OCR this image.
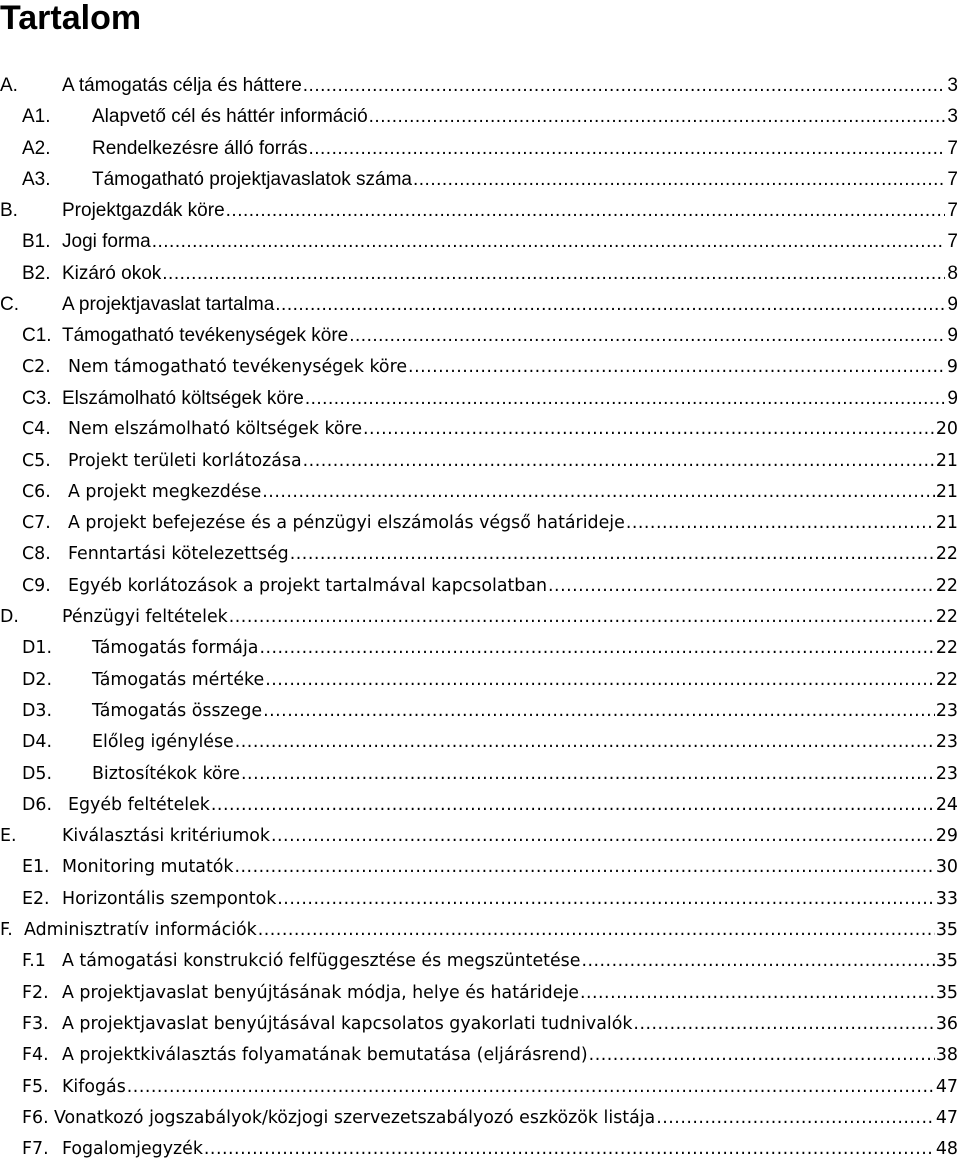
Tartalom
A.	A támogatás célja és háttere .....	3
A1.	Alapvető cél és háttér információ .....	3
A2.	Rendelkezésre álló forrás .....	7
A3.	Támogatható projektjavaslatok száma .....	7
B.	Projektgazdák köre .....	7
B1. Jogi forma .....	7
B2. Kizáró okok .....	8
C.	A projektjavaslat tartalma .....	9
C1. Támogatható tevékenységek köre .....	9
C2. Nem támogatható tevékenységek köre .....	9
C3. Elszámolható költségek köre .....	9
C4. Nem elszámolható költségek köre .....	20
C5. Projekt területi korlátozása .....	21
C6. A projekt megkezdése .....	21
C7. A projekt befejezése és a pénzügyi elszámolás végső határideje .....	21
C8. Fenntartási kötelezettség .....	22
C9. Egyéb korlátozások a projekt tartalmával kapcsolatban .....	22
D.	Pénzügyi feltételek .....	22
D1.	Támogatás formája .....	22
D2.	Támogatás mértéke .....	22
D3.	Támogatás összege .....	23
D4.	Előleg igénylése .....	23
D5.	Biztosítékok köre .....	23
D6. Egyéb feltételek .....	24
E.	Kiválasztási kritériumok .....	29
E1. Monitoring mutatók .....	30
E2. Horizontális szempontok .....	33
F. Adminisztratív információk .....	35
F.1 A támogatási konstrukció felfüggesztése és megszüntetése .....	35
F2. A projektjavaslat benyújtásának módja, helye és határideje .....	35
F3. A projektjavaslat benyújtásával kapcsolatos gyakorlati tudnivalók .....	36
F4. A projektkiválasztás folyamatának bemutatása (eljárásrend) .....	38
F5. Kifogás .....	47
F6. Vonatkozó jogszabályok/közjogi szervezetszabályozó eszközök listája .....	47
F7. Fogalomjegyzék .....	48
